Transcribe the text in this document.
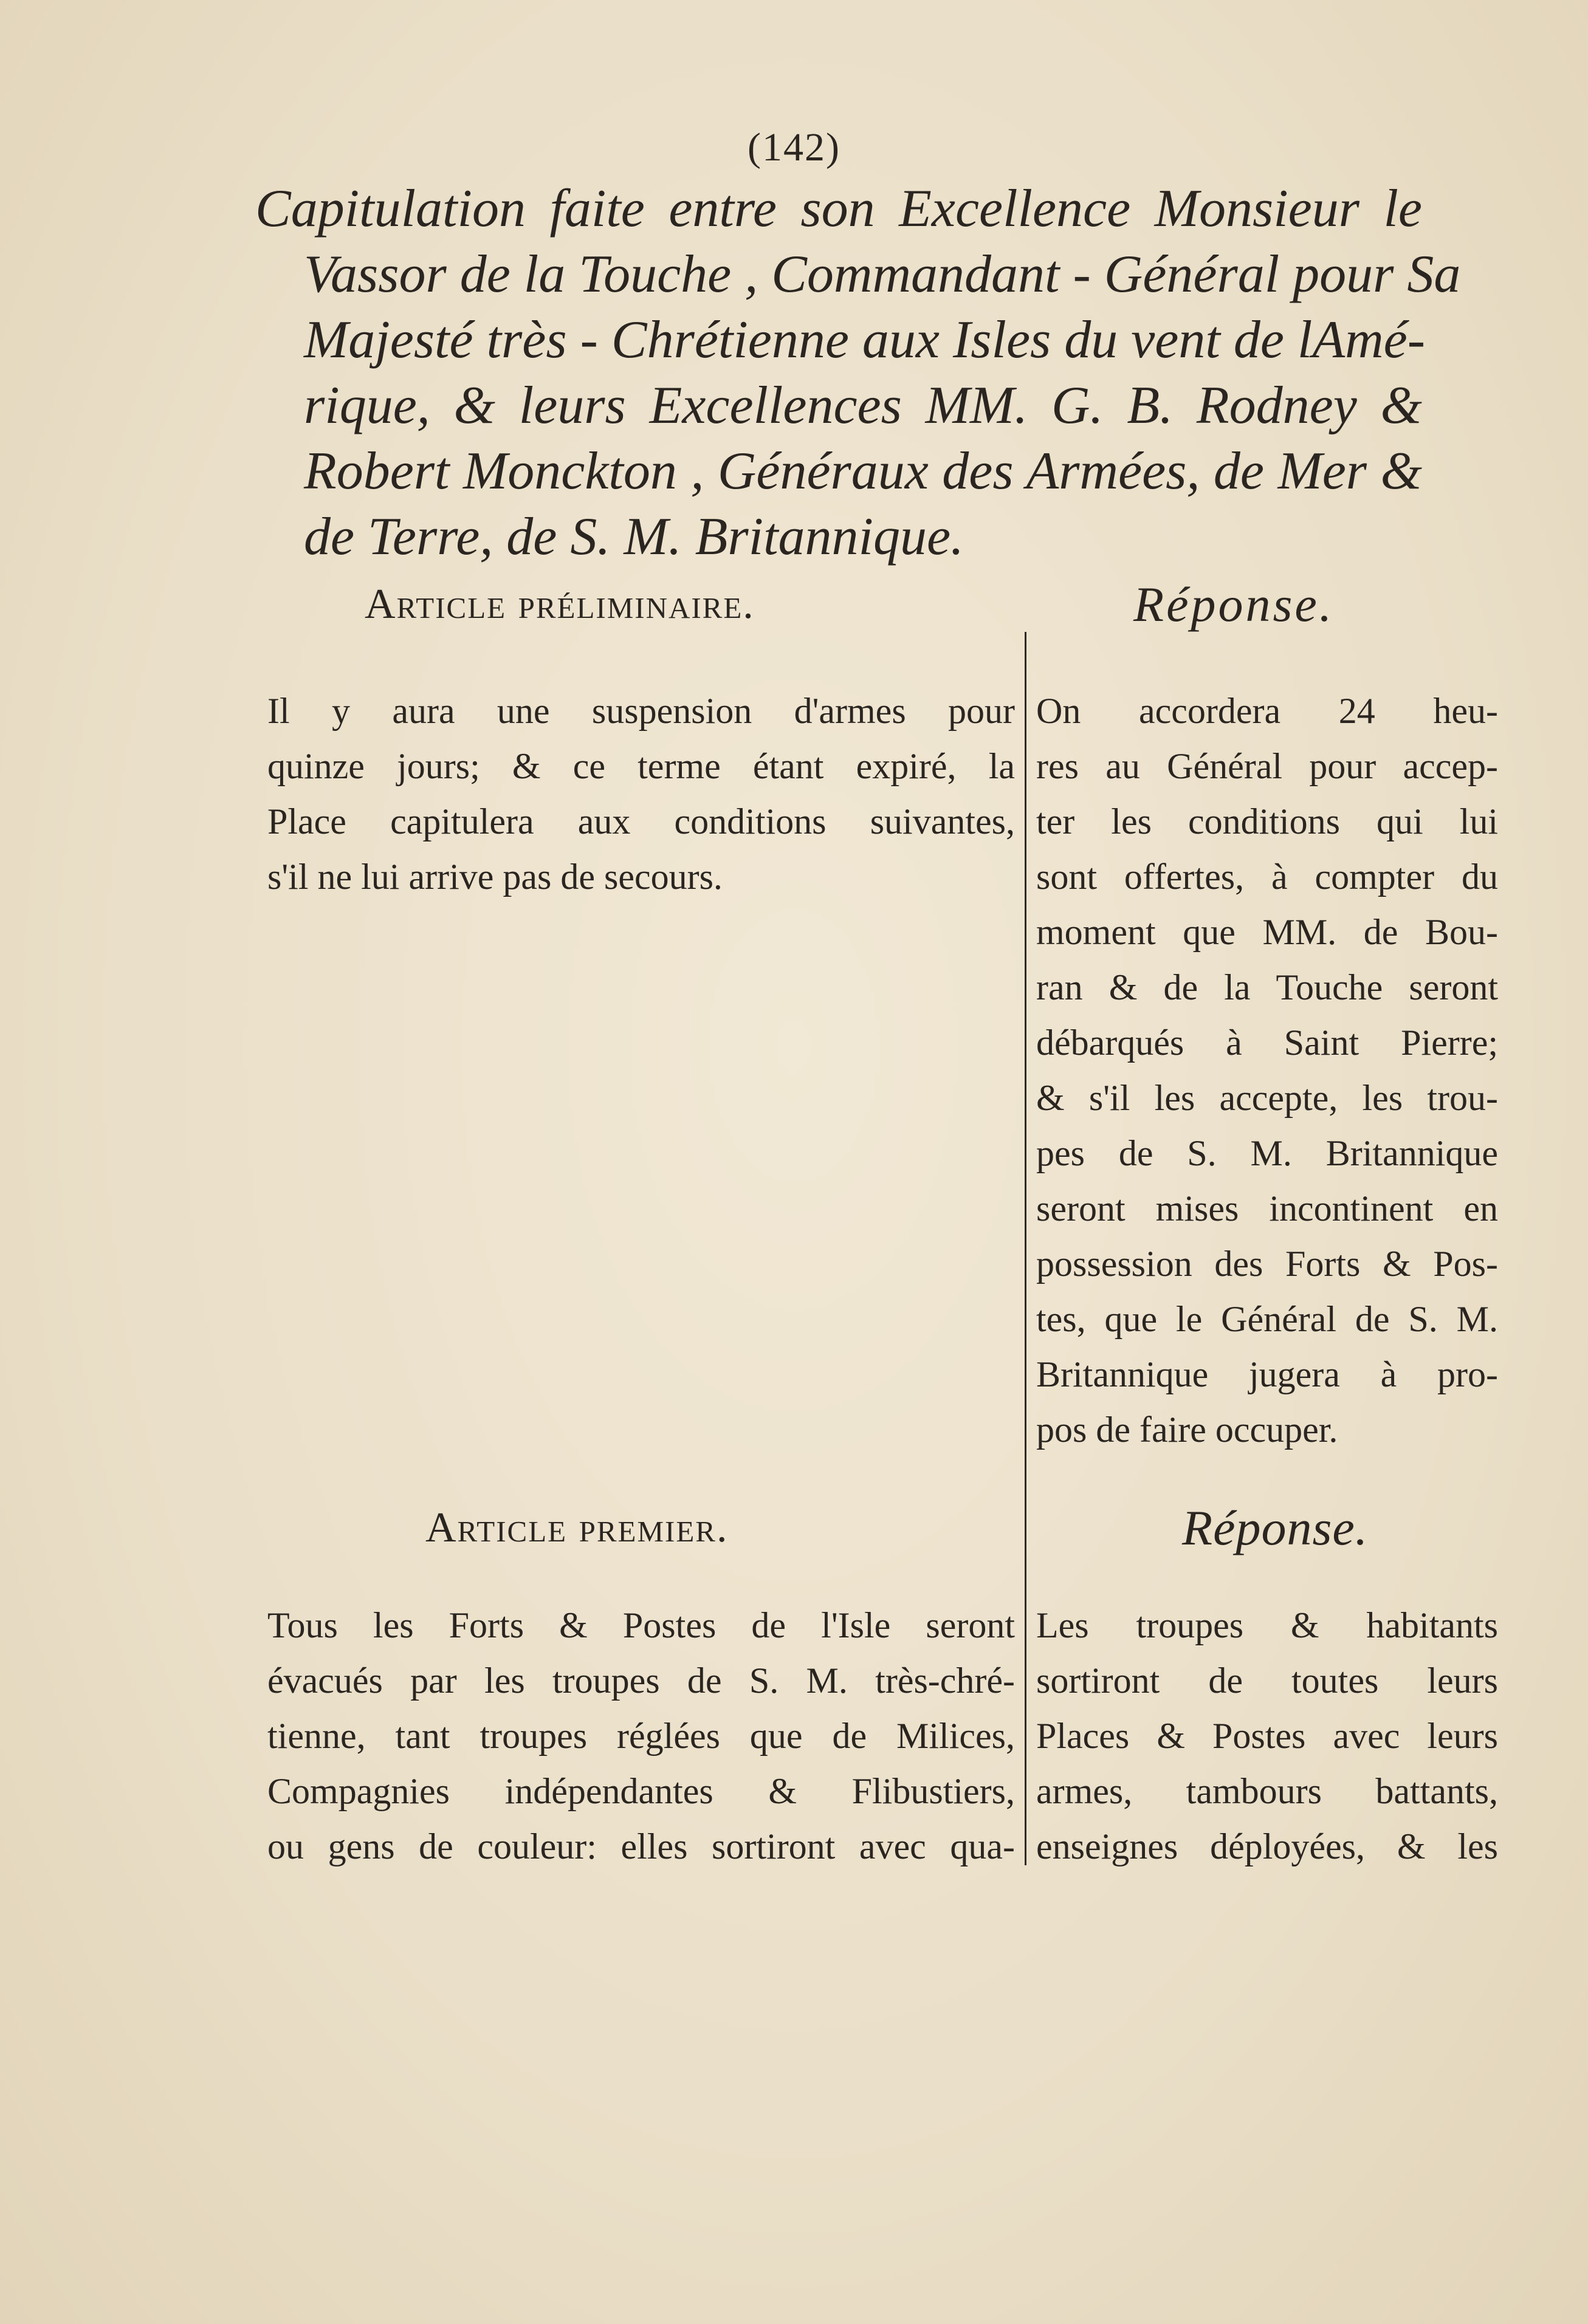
(142)
Capitulation faite entre son Excellence Monsieur le
Vassor de la Touche , Commandant - Général pour Sa
Majesté très - Chrétienne aux Isles du vent de lAmé-
rique, & leurs Excellences MM. G. B. Rodney &
Robert Monckton , Généraux des Armées, de Mer &
de Terre, de S. M. Britannique.
Article préliminaire.	Réponse.
Il y aura une suspension d'armes pour
quinze jours; & ce terme étant expiré, la
Place capitulera aux conditions suivantes,
s'il ne lui arrive pas de secours.
On accordera 24 heu-
res au Général pour accep-
ter les conditions qui lui
sont offertes, à compter du
moment que MM. de Bou-
ran & de la Touche seront
débarqués à Saint Pierre;
& s'il les accepte, les trou-
pes de S. M. Britannique
seront mises incontinent en
possession des Forts & Pos-
tes, que le Général de S. M.
Britannique jugera à pro-
pos de faire occuper.
Article premier.	Réponse.
Tous les Forts & Postes de l'Isle seront
évacués par les troupes de S. M. très-chré-
tienne, tant troupes réglées que de Milices,
Compagnies indépendantes & Flibustiers,
ou gens de couleur: elles sortiront avec qua-
Les troupes & habitants
sortiront de toutes leurs
Places & Postes avec leurs
armes, tambours battants,
enseignes déployées, & les
